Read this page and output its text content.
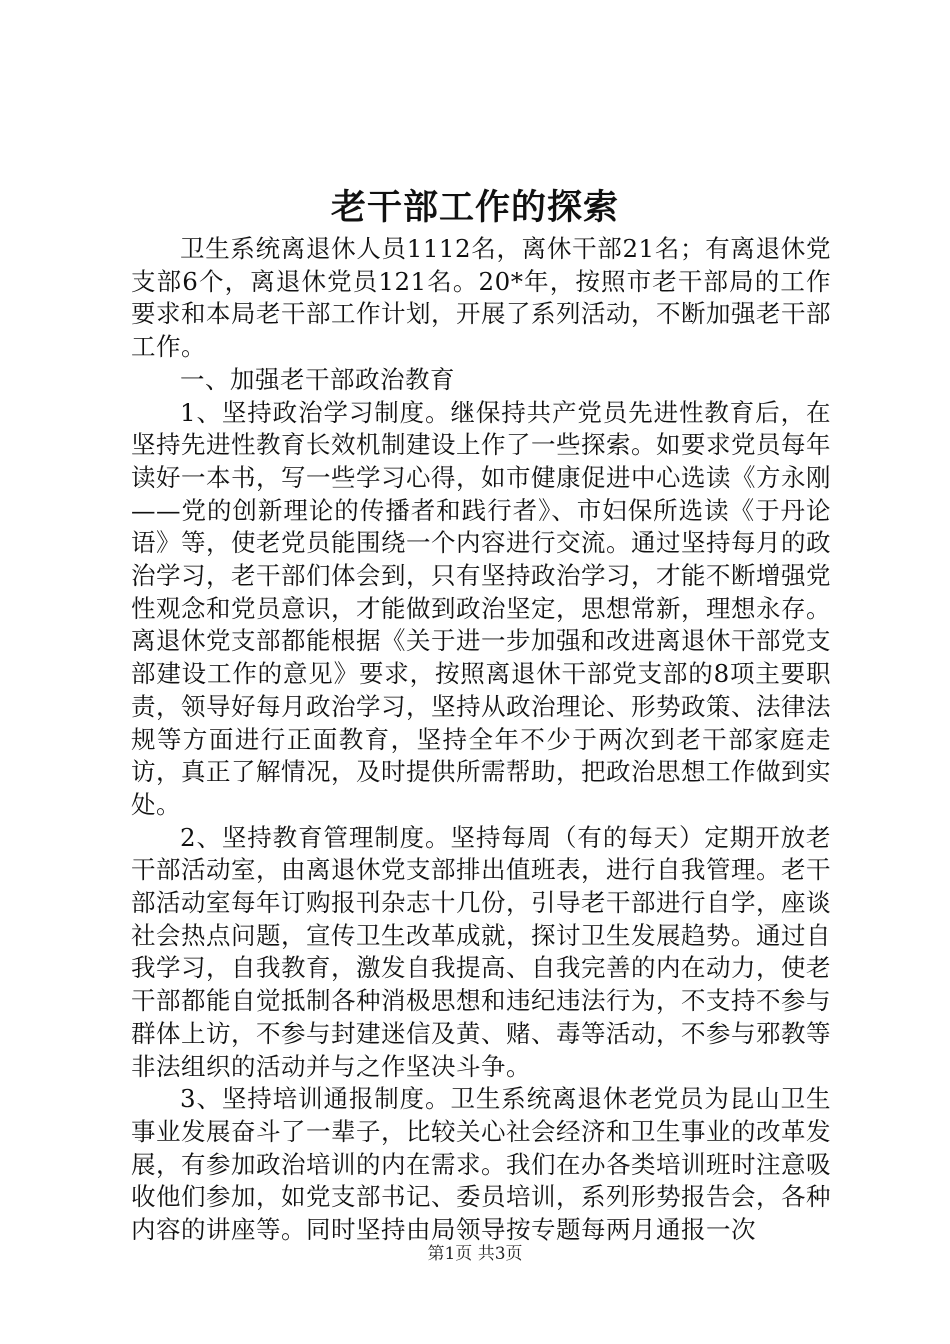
老干部工作的探索

卫生系统离退休人员1112名，离休干部21名；有离退休党支部6个，离退休党员121名。20*年，按照市老干部局的工作要求和本局老干部工作计划，开展了系列活动，不断加强老干部工作。

一、加强老干部政治教育

1、坚持政治学习制度。继保持共产党员先进性教育后，在坚持先进性教育长效机制建设上作了一些探索。如要求党员每年读好一本书，写一些学习心得，如市健康促进中心选读《方永刚——党的创新理论的传播者和践行者》、市妇保所选读《于丹论语》等，使老党员能围绕一个内容进行交流。通过坚持每月的政治学习，老干部们体会到，只有坚持政治学习，才能不断增强党性观念和党员意识，才能做到政治坚定，思想常新，理想永存。离退休党支部都能根据《关于进一步加强和改进离退休干部党支部建设工作的意见》要求，按照离退休干部党支部的8项主要职责，领导好每月政治学习，坚持从政治理论、形势政策、法律法规等方面进行正面教育，坚持全年不少于两次到老干部家庭走访，真正了解情况，及时提供所需帮助，把政治思想工作做到实处。

2、坚持教育管理制度。坚持每周（有的每天）定期开放老干部活动室，由离退休党支部排出值班表，进行自我管理。老干部活动室每年订购报刊杂志十几份，引导老干部进行自学，座谈社会热点问题，宣传卫生改革成就，探讨卫生发展趋势。通过自我学习，自我教育，激发自我提高、自我完善的内在动力，使老干部都能自觉抵制各种消极思想和违纪违法行为，不支持不参与群体上访，不参与封建迷信及黄、赌、毒等活动，不参与邪教等非法组织的活动并与之作坚决斗争。

3、坚持培训通报制度。卫生系统离退休老党员为昆山卫生事业发展奋斗了一辈子，比较关心社会经济和卫生事业的改革发展，有参加政治培训的内在需求。我们在办各类培训班时注意吸收他们参加，如党支部书记、委员培训，系列形势报告会，各种内容的讲座等。同时坚持由局领导按专题每两月通报一次

第1页 共3页
